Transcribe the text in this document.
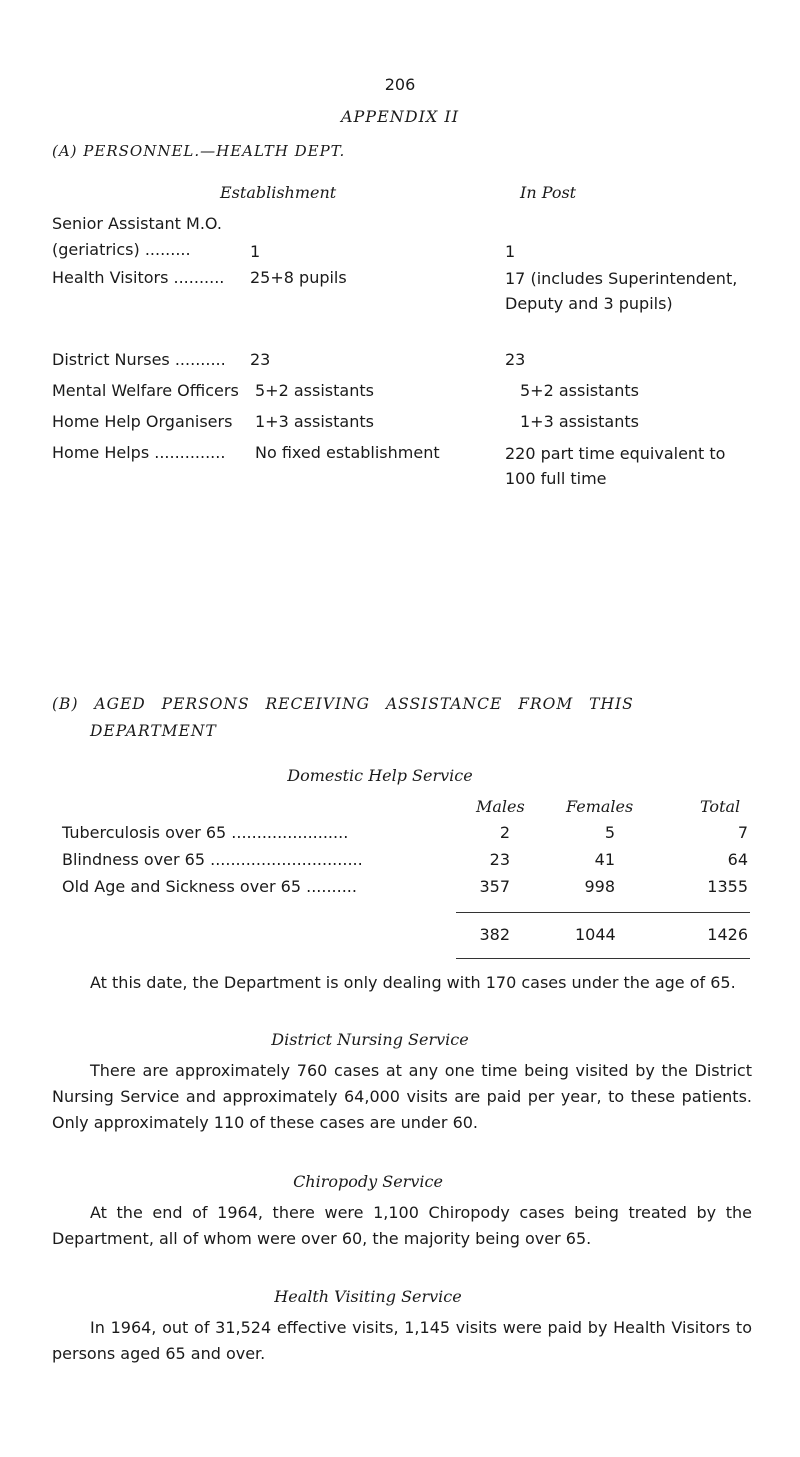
206
APPENDIX II
(A) PERSONNEL.—HEALTH DEPT.
Establishment	In Post
Senior Assistant M.O.
(geriatrics) .........	1	1
Health Visitors .......... 25+8 pupils	17 (includes Superintendent, Deputy and 3 pupils)
District Nurses .......... 23	23
Mental Welfare Officers 5+2 assistants	5+2 assistants
Home Help Organisers 1+3 assistants	1+3 assistants
Home Helps .............. No fixed establishment	220 part time equivalent to 100 full time
(B) AGED PERSONS RECEIVING ASSISTANCE FROM THIS
DEPARTMENT
Domestic Help Service
Males	Females	Total
Tuberculosis over 65 .......................	2	5	7
Blindness over 65 ..............................	23	41	64
Old Age and Sickness over 65 ..........	357	998	1355
382	1044	1426
At this date, the Department is only dealing with 170 cases under the age of 65.
District Nursing Service
There are approximately 760 cases at any one time being visited by the District Nursing Service and approximately 64,000 visits are paid per year, to these patients. Only approximately 110 of these cases are under 60.
Chiropody Service
At the end of 1964, there were 1,100 Chiropody cases being treated by the Department, all of whom were over 60, the majority being over 65.
Health Visiting Service
In 1964, out of 31,524 effective visits, 1,145 visits were paid by Health Visitors to persons aged 65 and over.
